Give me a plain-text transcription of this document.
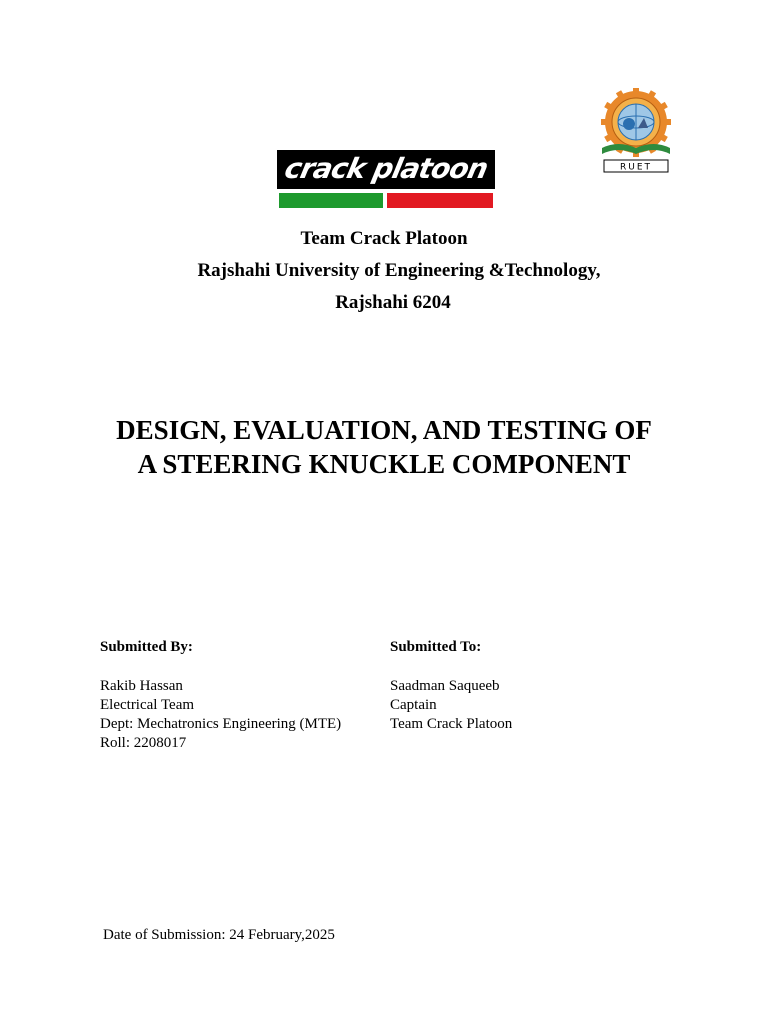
crack platoon	RUET
Team Crack Platoon
Rajshahi University of Engineering &Technology,
Rajshahi 6204
DESIGN, EVALUATION, AND TESTING OF
A STEERING KNUCKLE COMPONENT
Submitted By:
Rakib Hassan
Electrical Team
Dept: Mechatronics Engineering (MTE)
Roll: 2208017
Submitted To:
Saadman Saqueeb
Captain
Team Crack Platoon
Date of Submission: 24 February,2025
